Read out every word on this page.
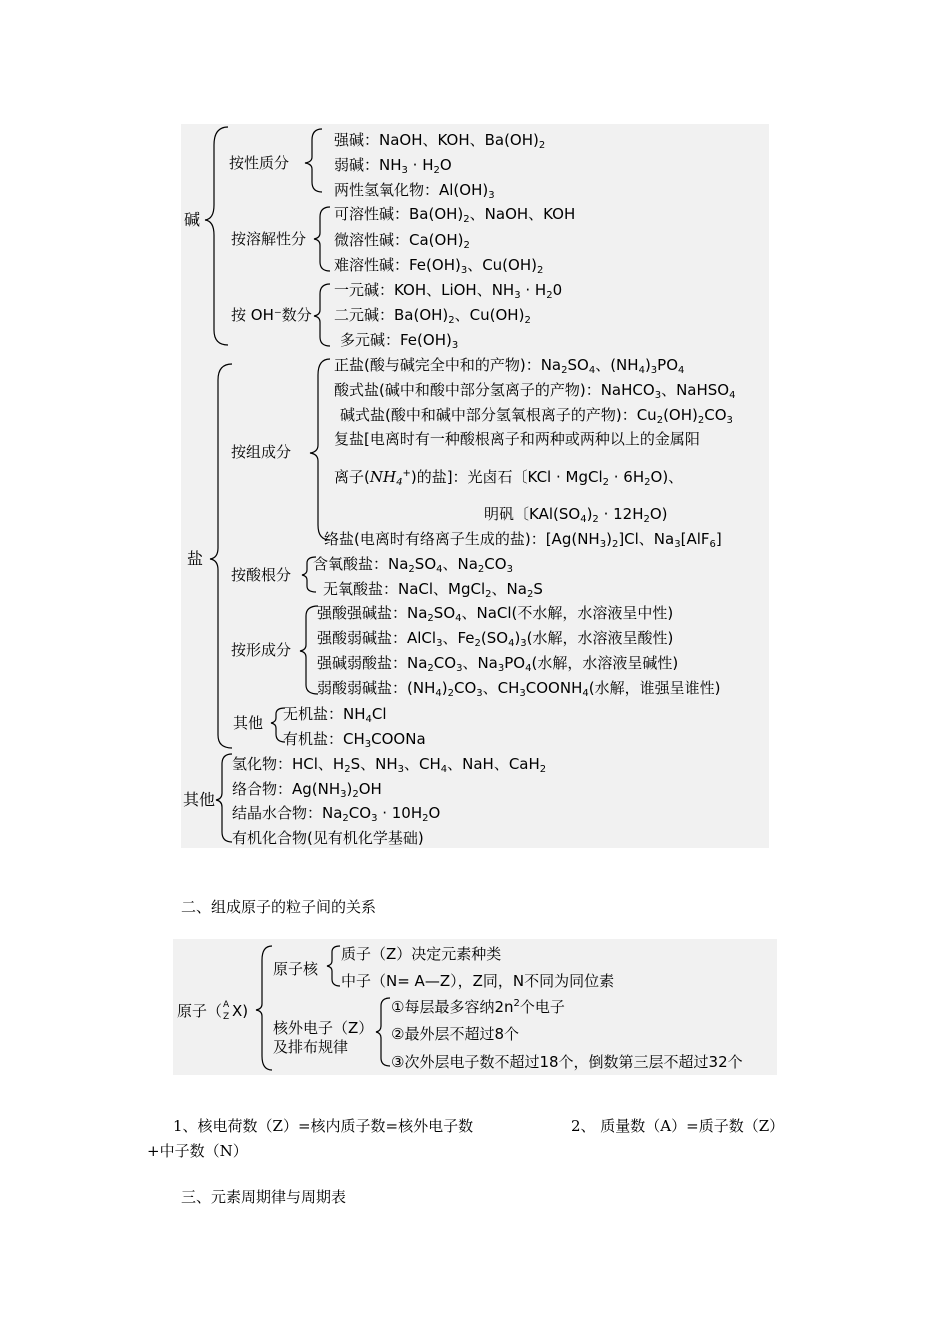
碱
按性质分
强碱：NaOH、KOH、$Ba(OH)_2$
弱碱：$NH_3 \cdot H_2O$
两性氢氧化物：$Al(OH)_3$
按溶解性分
可溶性碱：$Ba(OH)_2$、NaOH、KOH
微溶性碱：$Ca(OH)_2$
难溶性碱：$Fe(OH)_3$、$Cu(OH)_2$
按 OH⁻数分
一元碱：KOH、LiOH、$NH_3 \cdot H_20$
二元碱：$Ba(OH)_2$、$Cu(OH)_2$
多元碱：$Fe(OH)_3$
盐
按组成分
正盐(酸与碱完全中和的产物)：$Na_2SO_4$、$(NH_4)_3PO_4$
酸式盐(碱中和酸中部分氢离子的产物)：NaHCO$_3$、NaHSO$_4$
碱式盐(酸中和碱中部分氢氧根离子的产物)：$Cu_2(OH)_2CO_3$
复盐[电离时有一种酸根离子和两种或两种以上的金属阳
离子$(NH_4^+)$的盐]：光卤石〔KCl · MgCl$_2$ · $6H_2O$)、
明矾〔$KAl(SO_4)_2 \cdot 12H_2O$)
络盐(电离时有络离子生成的盐)：$[Ag(NH_3)_2]Cl$、$Na_3[AlF_6]$
按酸根分
含氧酸盐：$Na_2SO_4$、$Na_2CO_3$
无氧酸盐：NaCl、MgCl$_2$、$Na_2S$
按形成分
强酸强碱盐：$Na_2SO_4$、NaCl(不水解，水溶液呈中性)
强酸弱碱盐：AlCl$_3$、$Fe_2(SO_4)_3$(水解，水溶液呈酸性)
强碱弱酸盐：$Na_2CO_3$、$Na_3PO_4$(水解，水溶液呈碱性)
弱酸弱碱盐：$(NH_4)_2CO_3$、$CH_3COONH_4$(水解，谁强呈谁性)
其他 无机盐：$NH_4Cl$
有机盐：$CH_3COONa$
其他
氢化物：HCl、$H_2S$、$NH_3$、$CH_4$、NaH、CaH$_2$
络合物：$Ag(NH_3)_2OH$
结晶水合物：$Na_2CO_3 \cdot 10H_2O$
有机化合物(见有机化学基础)
二、组成原子的粒子间的关系
原子（ A
Z X)
原子核
质子（Z）决定元素种类
中子（N= A—Z），Z同，N不同为同位素
核外电子（Z）
及排布规律
①每层最多容纳$2n^2$个电子
②最外层不超过8个
③次外层电子数不超过18个，倒数第三层不超过32个
1、核电荷数（Z）=核内质子数=核外电子数	2、 质量数（A）=质子数（Z）
+中子数（N）
三、元素周期律与周期表
